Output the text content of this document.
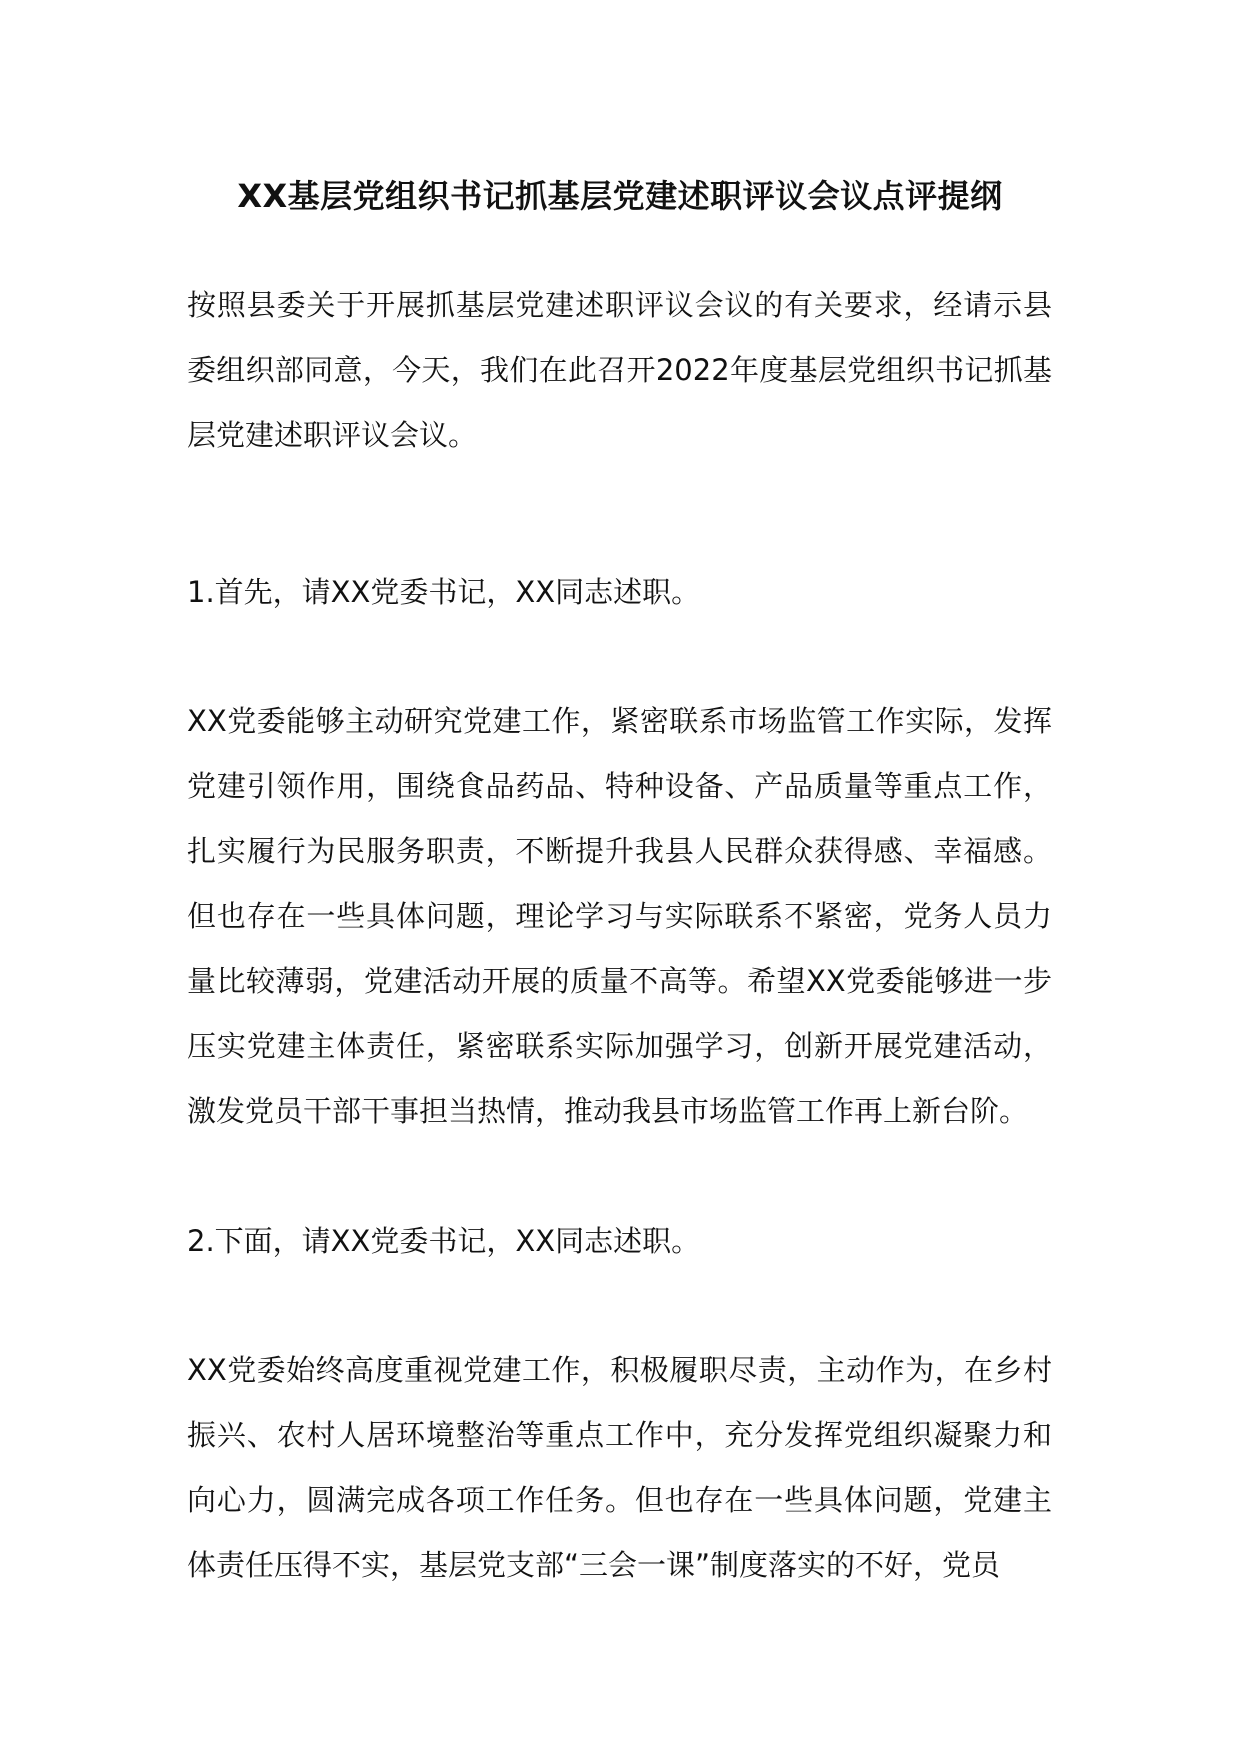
XX基层党组织书记抓基层党建述职评议会议点评提纲

按照县委关于开展抓基层党建述职评议会议的有关要求，经请示县委组织部同意，今天，我们在此召开2022年度基层党组织书记抓基层党建述职评议会议。

1.首先，请XX党委书记，XX同志述职。

XX党委能够主动研究党建工作，紧密联系市场监管工作实际，发挥党建引领作用，围绕食品药品、特种设备、产品质量等重点工作，扎实履行为民服务职责，不断提升我县人民群众获得感、幸福感。但也存在一些具体问题，理论学习与实际联系不紧密，党务人员力量比较薄弱，党建活动开展的质量不高等。希望XX党委能够进一步压实党建主体责任，紧密联系实际加强学习，创新开展党建活动，激发党员干部干事担当热情，推动我县市场监管工作再上新台阶。

2.下面，请XX党委书记，XX同志述职。

XX党委始终高度重视党建工作，积极履职尽责，主动作为，在乡村振兴、农村人居环境整治等重点工作中，充分发挥党组织凝聚力和向心力，圆满完成各项工作任务。但也存在一些具体问题，党建主体责任压得不实，基层党支部“三会一课”制度落实的不好，党员
